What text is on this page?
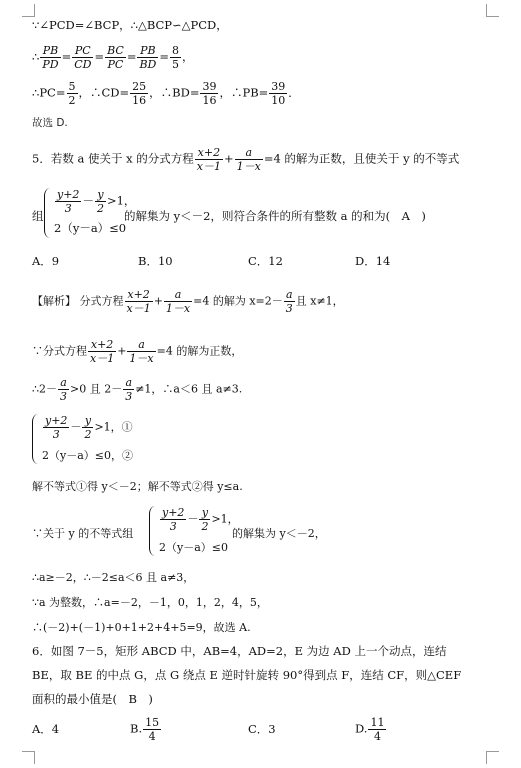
∵∠PCD=∠BCP，∴△BCP∽△PCD，
∴ $\frac{PB}{PD} = \frac{PC}{CD} = \frac{BC}{PC} = \frac{PB}{BD} = \frac{8}{5}$ ，
∴PC= $\frac{5}{2}$ ，∴CD= $\frac{25}{16}$ ，∴BD= $\frac{39}{16}$ ，∴PB= $\frac{39}{10}$ ．
故选 D.
5．若数 a 使关于 x 的分式方程 $\frac{x+2}{x-1} + \frac{a}{1-x} =4$ 的解为正数，且使关于 y 的不等式
组
$\frac{y+2}{3} - \frac{y}{2} >1$，
2（y－a）≤0
的解集为 y＜－2，则符合条件的所有整数 a 的和为(　A　)
A．9	B．10	C．12	D．14
【解析】 分式方程 $\frac{x+2}{x-1} + \frac{a}{1-x} =4$ 的解为 $x=2- \frac{a}{3}$ 且 x≠1，
∵分式方程 $\frac{x+2}{x-1} + \frac{a}{1-x} =4$ 的解为正数，
∴2－ $\frac{a}{3} >0$ 且 $2- \frac{a}{3} \ne 1$，∴a＜6 且 a≠3.
$\frac{y+2}{3} - \frac{y}{2} >1$，①
2（y－a）≤0，②
解不等式①得 y＜－2；解不等式②得 y≤a.
∵关于 y 的不等式组
$\frac{y+2}{3} - \frac{y}{2} >1$，
2（y－a）≤0
的解集为 y＜－2，
∴a≥－2，∴－2≤a＜6 且 a≠3，
∵a 为整数，∴a=－2，－1，0，1，2，4，5，
∴(－2)+(－1)+0+1+2+4+5=9，故选 A.
6．如图 7－5，矩形 ABCD 中，AB=4，AD=2，E 为边 AD 上一个动点，连结
BE，取 BE 的中点 G，点 G 绕点 E 逆时针旋转 90°得到点 F，连结 CF，则△CEF
面积的最小值是(　B　)
A．4	B. $\frac{15}{4}$	C．3	D. $\frac{11}{4}$
